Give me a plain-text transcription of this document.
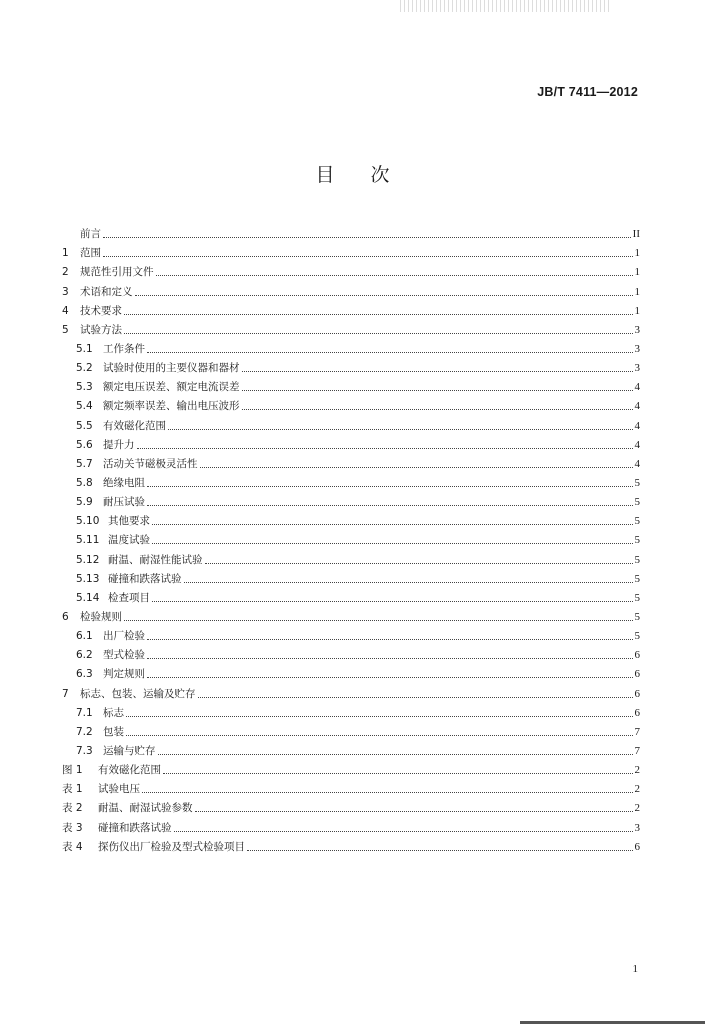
JB/T 7411—2012
目 次
前言	II
1	范围	1
2	规范性引用文件	1
3	术语和定义	1
4	技术要求	1
5	试验方法	3
5.1 工作条件	3
5.2 试验时使用的主要仪器和器材	3
5.3 额定电压误差、额定电流误差	4
5.4 额定频率误差、输出电压波形	4
5.5 有效磁化范围	4
5.6 提升力	4
5.7 活动关节磁极灵活性	4
5.8 绝缘电阻	5
5.9 耐压试验	5
5.10 其他要求	5
5.11 温度试验	5
5.12 耐温、耐湿性能试验	5
5.13 碰撞和跌落试验	5
5.14 检查项目	5
6	检验规则	5
6.1 出厂检验	5
6.2 型式检验	6
6.3 判定规则	6
7	标志、包装、运输及贮存	6
7.1 标志	6
7.2 包装	7
7.3 运输与贮存	7
图 1	有效磁化范围	2
表 1	试验电压	2
表 2	耐温、耐湿试验参数	2
表 3	碰撞和跌落试验	3
表 4	探伤仪出厂检验及型式检验项目	6
1
